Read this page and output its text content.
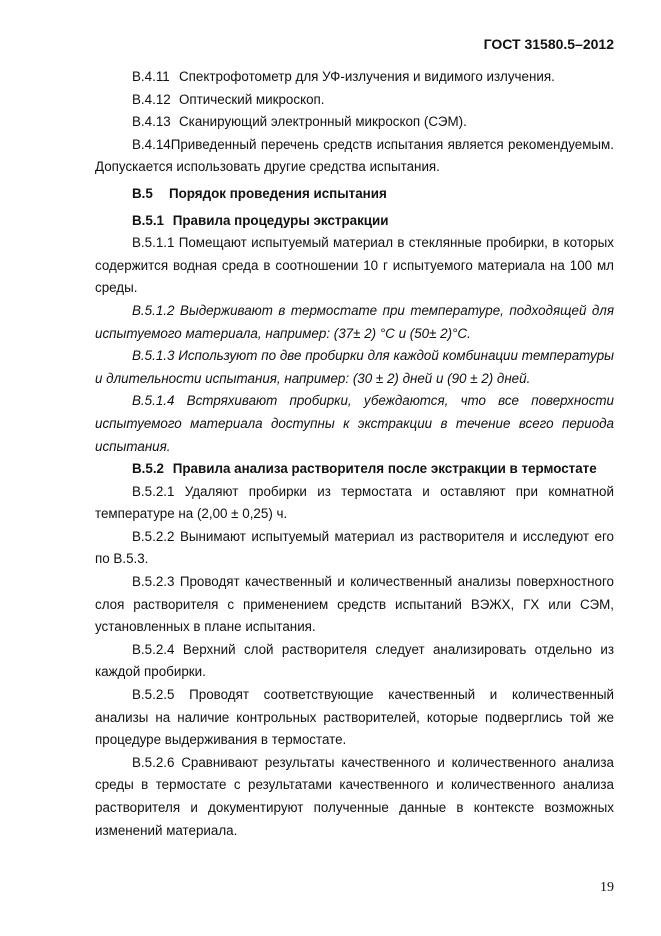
ГОСТ 31580.5–2012

В.4.11 Спектрофотометр для УФ-излучения и видимого излучения.

В.4.12 Оптический микроскоп.

В.4.13 Сканирующий электронный микроскоп (СЭМ).

В.4.14Приведенный перечень средств испытания является рекомендуемым. Допускается использовать другие средства испытания.

В.5 Порядок проведения испытания

В.5.1 Правила процедуры экстракции

В.5.1.1 Помещают испытуемый материал в стеклянные пробирки, в которых содержится водная среда в соотношении 10 г испытуемого материала на 100 мл среды.

В.5.1.2 Выдерживают в термостате при температуре, подходящей для испытуемого материала, например: (37± 2) °С и (50± 2)°С.

В.5.1.3 Используют по две пробирки для каждой комбинации температуры и длительности испытания, например: (30 ± 2) дней и (90 ± 2) дней.

В.5.1.4 Встряхивают пробирки, убеждаются, что все поверхности испытуемого материала доступны к экстракции в течение всего периода испытания.

В.5.2 Правила анализа растворителя после экстракции в термостате

В.5.2.1 Удаляют пробирки из термостата и оставляют при комнатной температуре на (2,00 ± 0,25) ч.

В.5.2.2 Вынимают испытуемый материал из растворителя и исследуют его по В.5.3.

В.5.2.3 Проводят качественный и количественный анализы поверхностного слоя растворителя с применением средств испытаний ВЭЖХ, ГХ или СЭМ, установленных в плане испытания.

В.5.2.4 Верхний слой растворителя следует анализировать отдельно из каждой пробирки.

В.5.2.5 Проводят соответствующие качественный и количественный анализы на наличие контрольных растворителей, которые подверглись той же процедуре выдерживания в термостате.

В.5.2.6 Сравнивают результаты качественного и количественного анализа среды в термостате с результатами качественного и количественного анализа растворителя и документируют полученные данные в контексте возможных изменений материала.

19
